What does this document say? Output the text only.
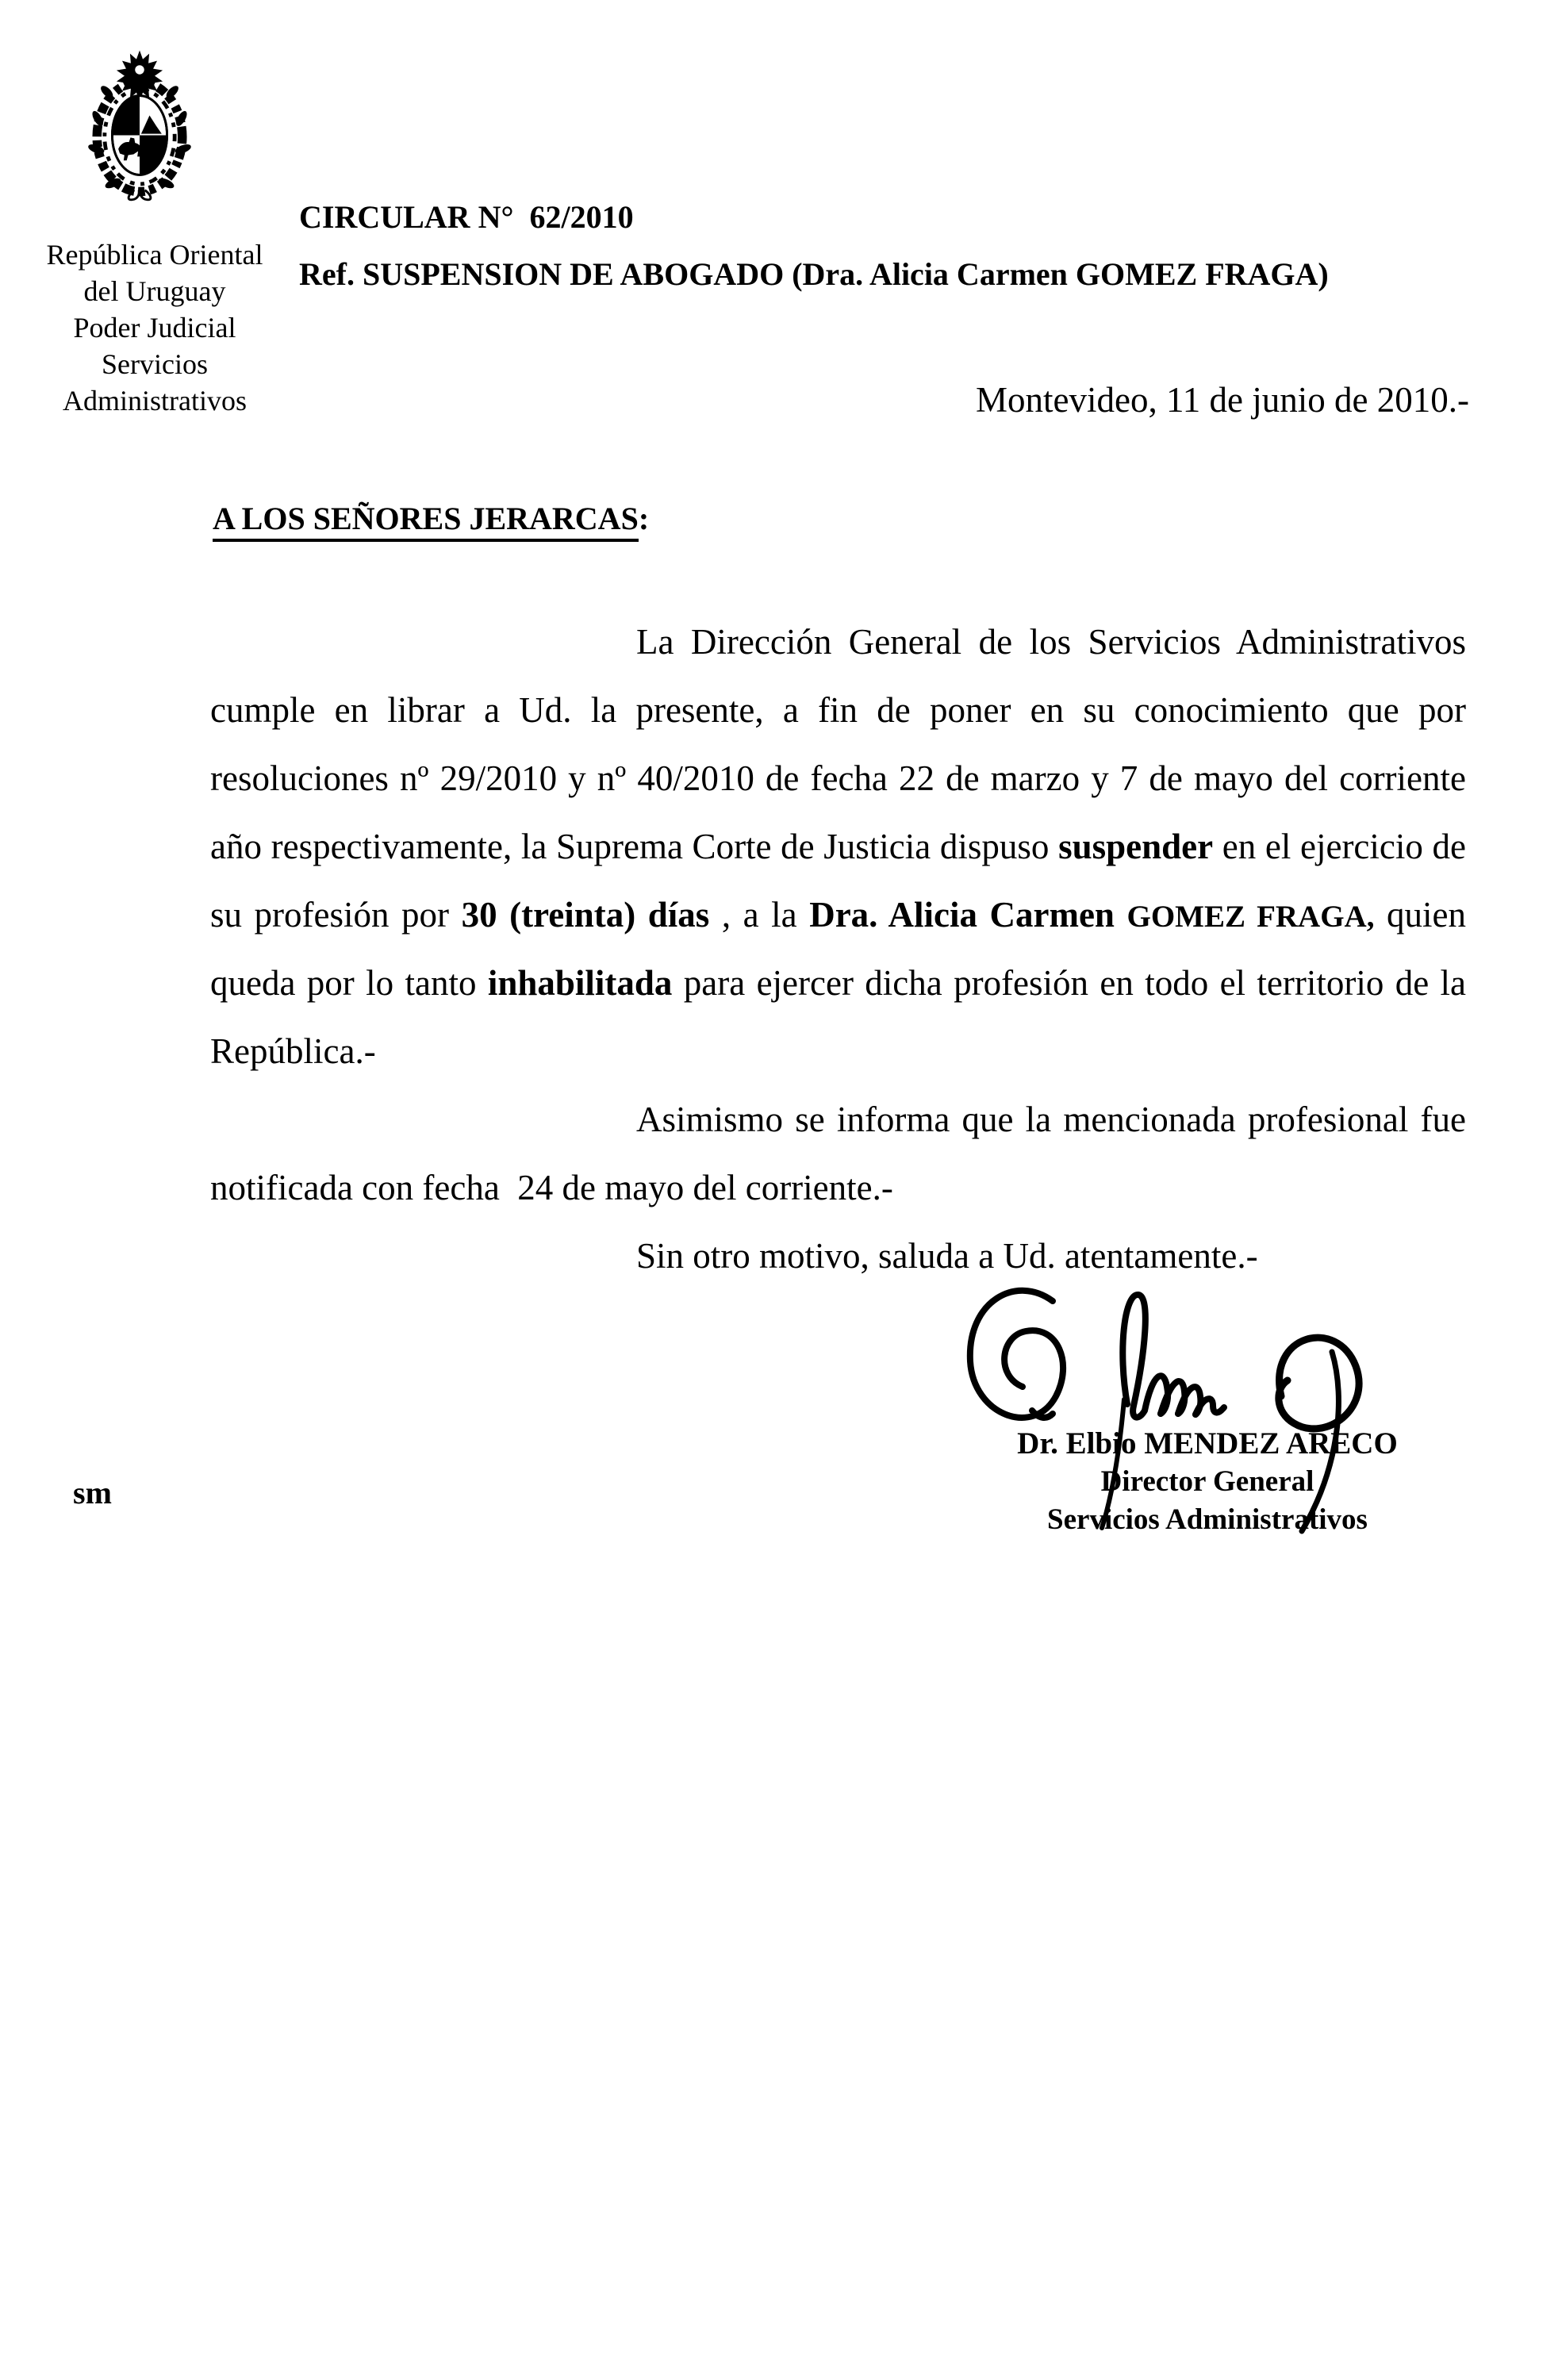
República Oriental
del Uruguay
Poder Judicial
Servicios
Administrativos
CIRCULAR N°  62/2010
Ref. SUSPENSION DE ABOGADO (Dra. Alicia Carmen GOMEZ FRAGA)
Montevideo, 11 de junio de 2010.-
A LOS SEÑORES JERARCAS:
La Dirección General de los Servicios Administrativos
cumple en librar a Ud. la presente, a fin de poner en su conocimiento que por
resoluciones nº 29/2010 y nº 40/2010 de fecha 22 de marzo y 7 de mayo del corriente
año respectivamente, la Suprema Corte de Justicia dispuso suspender en el ejercicio de
su profesión por 30 (treinta) días , a la Dra. Alicia Carmen GOMEZ FRAGA, quien
queda por lo tanto inhabilitada para ejercer dicha profesión en todo el territorio de la
República.-
Asimismo se informa que la mencionada profesional fue
notificada con fecha  24 de mayo del corriente.-
Sin otro motivo, saluda a Ud. atentamente.-
Dr. Elbio MENDEZ ARECO
Director General
Servicios Administrativos
sm
